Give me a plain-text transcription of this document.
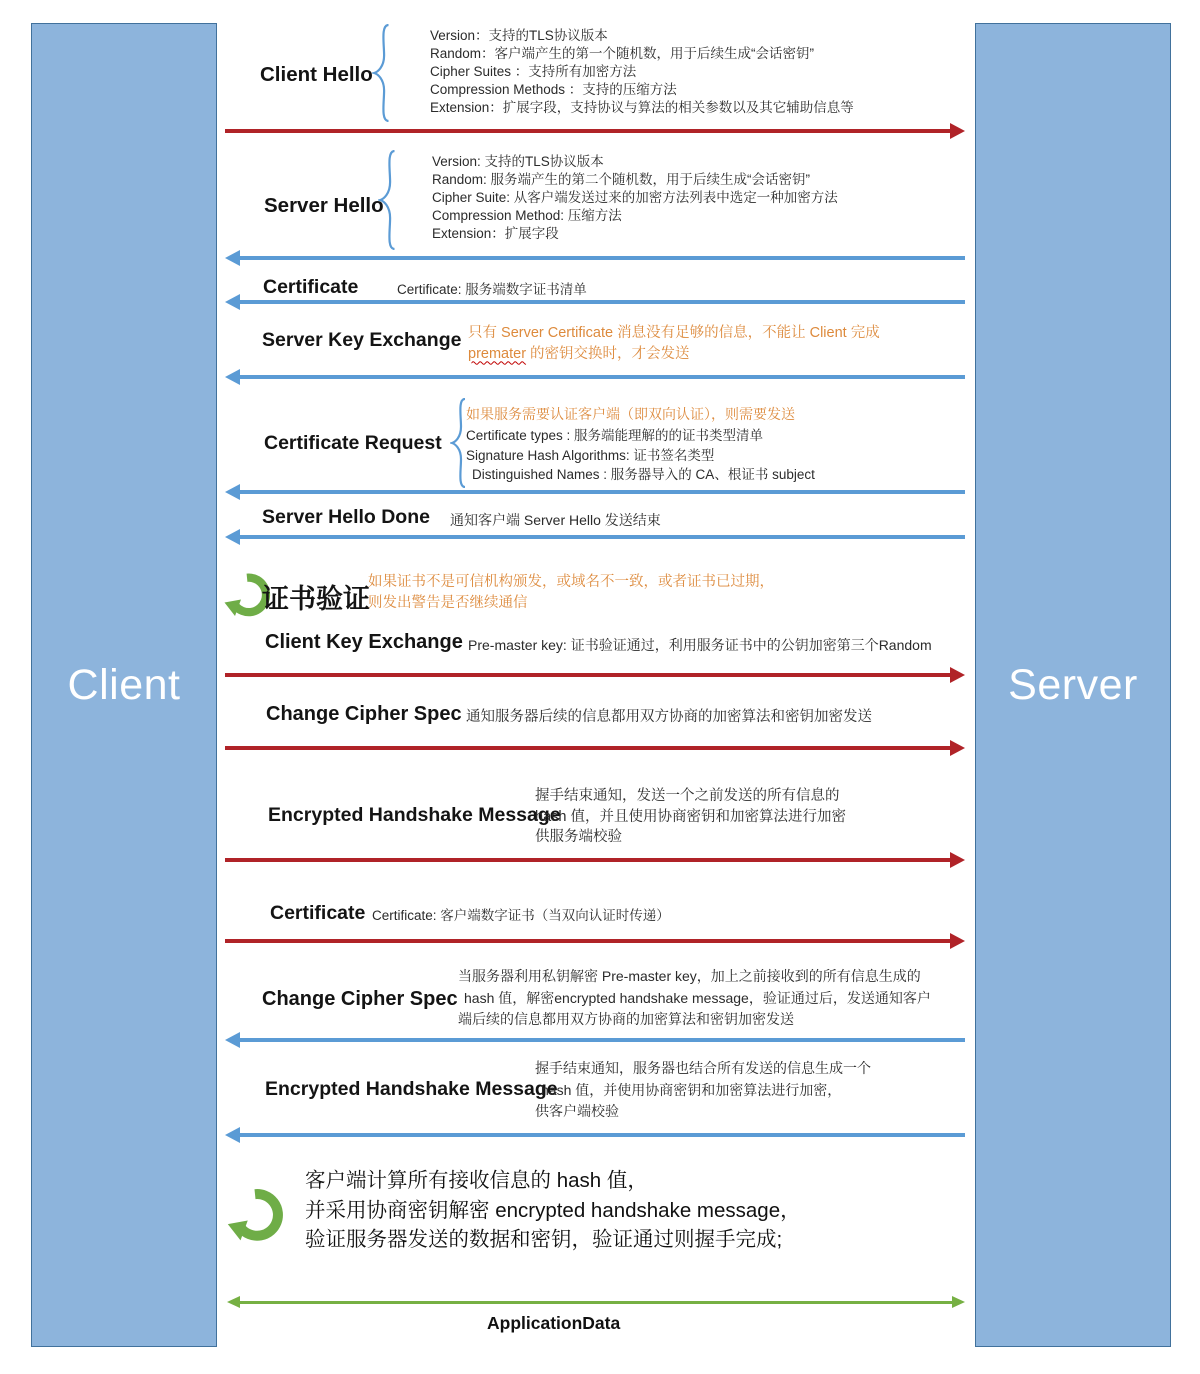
Client	Server
Client Hello
Version：支持的TLS协议版本
Random：客户端产生的第一个随机数，用于后续生成“会话密钥”
Cipher Suites ：支持所有加密方法
Compression Methods ：支持的压缩方法
Extension：扩展字段，支持协议与算法的相关参数以及其它辅助信息等
Server Hello
Version: 支持的TLS协议版本
Random: 服务端产生的第二个随机数，用于后续生成“会话密钥”
Cipher Suite: 从客户端发送过来的加密方法列表中选定一种加密方法
Compression Method: 压缩方法
Extension：扩展字段
Certificate	Certificate: 服务端数字证书清单
Server Key Exchange 只有 Server Certificate 消息没有足够的信息，不能让 Client 完成
premater 的密钥交换时，才会发送
Certificate Request
如果服务需要认证客户端（即双向认证），则需要发送
Certificate types : 服务端能理解的的证书类型清单
Signature Hash Algorithms: 证书签名类型
Distinguished Names : 服务器导入的 CA、根证书 subject
Server Hello Done 通知客户端 Server Hello 发送结束
证书验证
如果证书不是可信机构颁发，或域名不一致，或者证书已过期，
则发出警告是否继续通信
Client Key Exchange Pre-master key: 证书验证通过，利用服务证书中的公钥加密第三个Random
Change Cipher Spec 通知服务器后续的信息都用双方协商的加密算法和密钥加密发送
Encrypted Handshake Message
握手结束通知，发送一个之前发送的所有信息的
hash 值，并且使用协商密钥和加密算法进行加密
供服务端校验
Certificate Certificate: 客户端数字证书（当双向认证时传递）
Change Cipher Spec
当服务器利用私钥解密 Pre-master key，加上之前接收到的所有信息生成的
hash 值，解密encrypted handshake message，验证通过后，发送通知客户
端后续的信息都用双方协商的加密算法和密钥加密发送
Encrypted Handshake Message
握手结束通知，服务器也结合所有发送的信息生成一个
hash 值，并使用协商密钥和加密算法进行加密，
供客户端校验
客户端计算所有接收信息的 hash 值，
并采用协商密钥解密 encrypted handshake message，
验证服务器发送的数据和密钥，验证通过则握手完成;
ApplicationData
